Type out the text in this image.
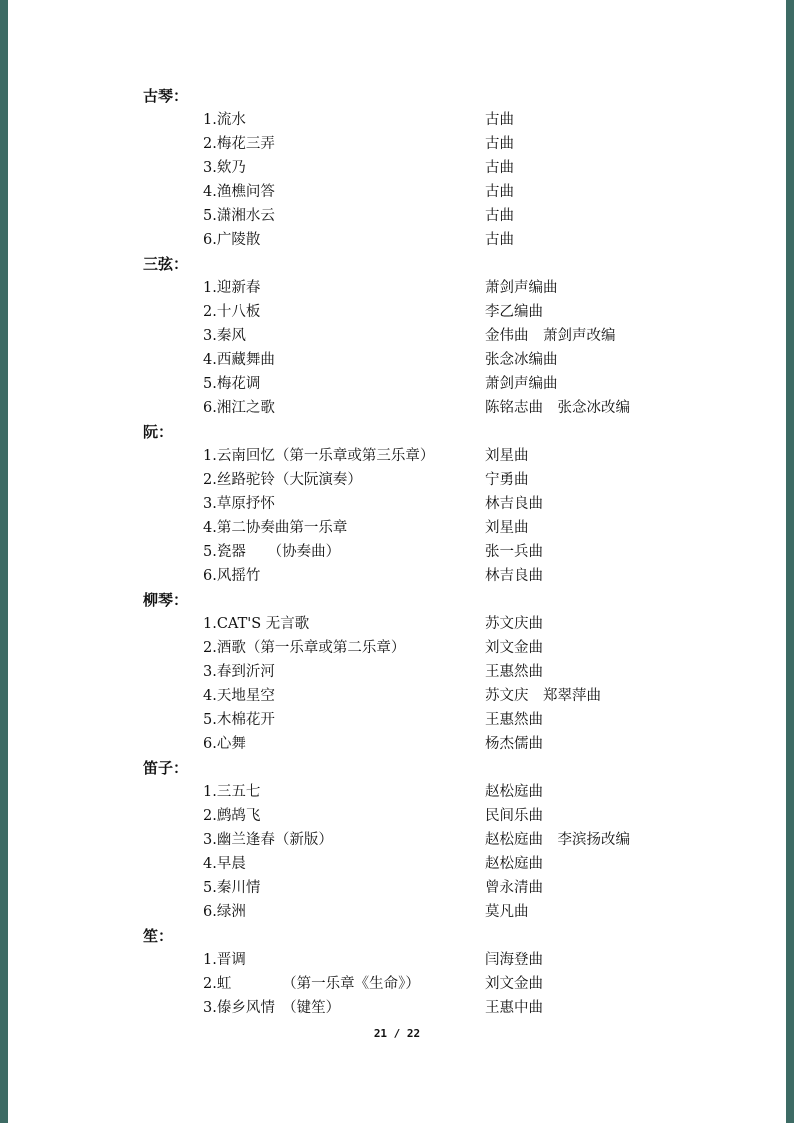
古琴：
1.流水	古曲
2.梅花三弄	古曲
3.欸乃	古曲
4.渔樵问答	古曲
5.潇湘水云	古曲
6.广陵散	古曲
三弦：
1.迎新春	萧剑声编曲
2.十八板	李乙编曲
3.秦风	金伟曲　萧剑声改编
4.西藏舞曲	张念冰编曲
5.梅花调	萧剑声编曲
6.湘江之歌	陈铭志曲　张念冰改编
阮：
1.云南回忆（第一乐章或第三乐章）	刘星曲
2.丝路驼铃（大阮演奏）	宁勇曲
3.草原抒怀	林吉良曲
4.第二协奏曲第一乐章	刘星曲
5.瓷器　　（协奏曲）	张一兵曲
6.风摇竹	林吉良曲
柳琴：
1.CAT'S 无言歌	苏文庆曲
2.酒歌（第一乐章或第二乐章）	刘文金曲
3.春到沂河	王惠然曲
4.天地星空	苏文庆　郑翠萍曲
5.木棉花开	王惠然曲
6.心舞	杨杰儒曲
笛子：
1.三五七	赵松庭曲
2.鹧鸪飞	民间乐曲
3.幽兰逢春（新版）	赵松庭曲　李滨扬改编
4.早晨	赵松庭曲
5.秦川情	曾永清曲
6.绿洲	莫凡曲
笙：
1.晋调	闫海登曲
2.虹　　　　（第一乐章《生命》）	刘文金曲
3.傣乡风情　（键笙）	王惠中曲
21 / 22
